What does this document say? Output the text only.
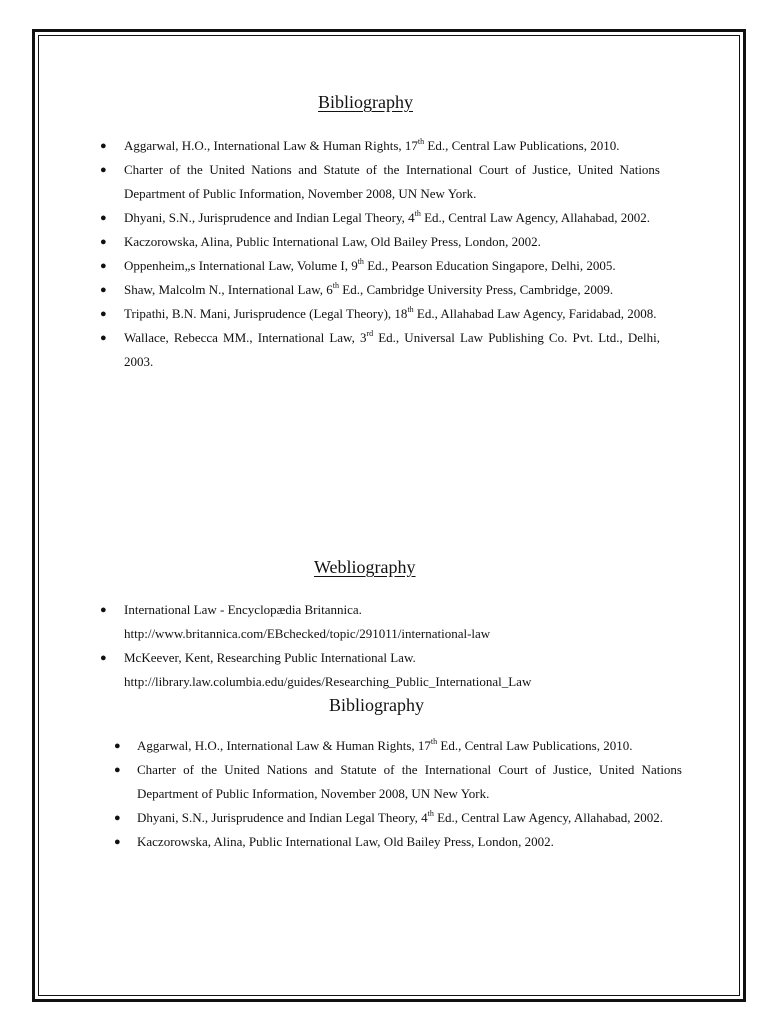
Bibliography
● Aggarwal, H.O., International Law & Human Rights, 17th Ed., Central Law Publications, 2010.
● Charter of the United Nations and Statute of the International Court of Justice, United Nations Department of Public Information, November 2008, UN New York.
● Dhyani, S.N., Jurisprudence and Indian Legal Theory, 4th Ed., Central Law Agency, Allahabad, 2002.
● Kaczorowska, Alina, Public International Law, Old Bailey Press, London, 2002.
● Oppenheim„s International Law, Volume I, 9th Ed., Pearson Education Singapore, Delhi, 2005.
● Shaw, Malcolm N., International Law, 6th Ed., Cambridge University Press, Cambridge, 2009.
● Tripathi, B.N. Mani, Jurisprudence (Legal Theory), 18th Ed., Allahabad Law Agency, Faridabad, 2008.
● Wallace, Rebecca MM., International Law, 3rd Ed., Universal Law Publishing Co. Pvt. Ltd., Delhi, 2003.
Webliography
● International Law - Encyclopædia Britannica.
http://www.britannica.com/EBchecked/topic/291011/international-law
● McKeever, Kent, Researching Public International Law.
http://library.law.columbia.edu/guides/Researching_Public_International_Law
Bibliography
● Aggarwal, H.O., International Law & Human Rights, 17th Ed., Central Law Publications, 2010.
● Charter of the United Nations and Statute of the International Court of Justice, United Nations Department of Public Information, November 2008, UN New York.
● Dhyani, S.N., Jurisprudence and Indian Legal Theory, 4th Ed., Central Law Agency, Allahabad, 2002.
● Kaczorowska, Alina, Public International Law, Old Bailey Press, London, 2002.
